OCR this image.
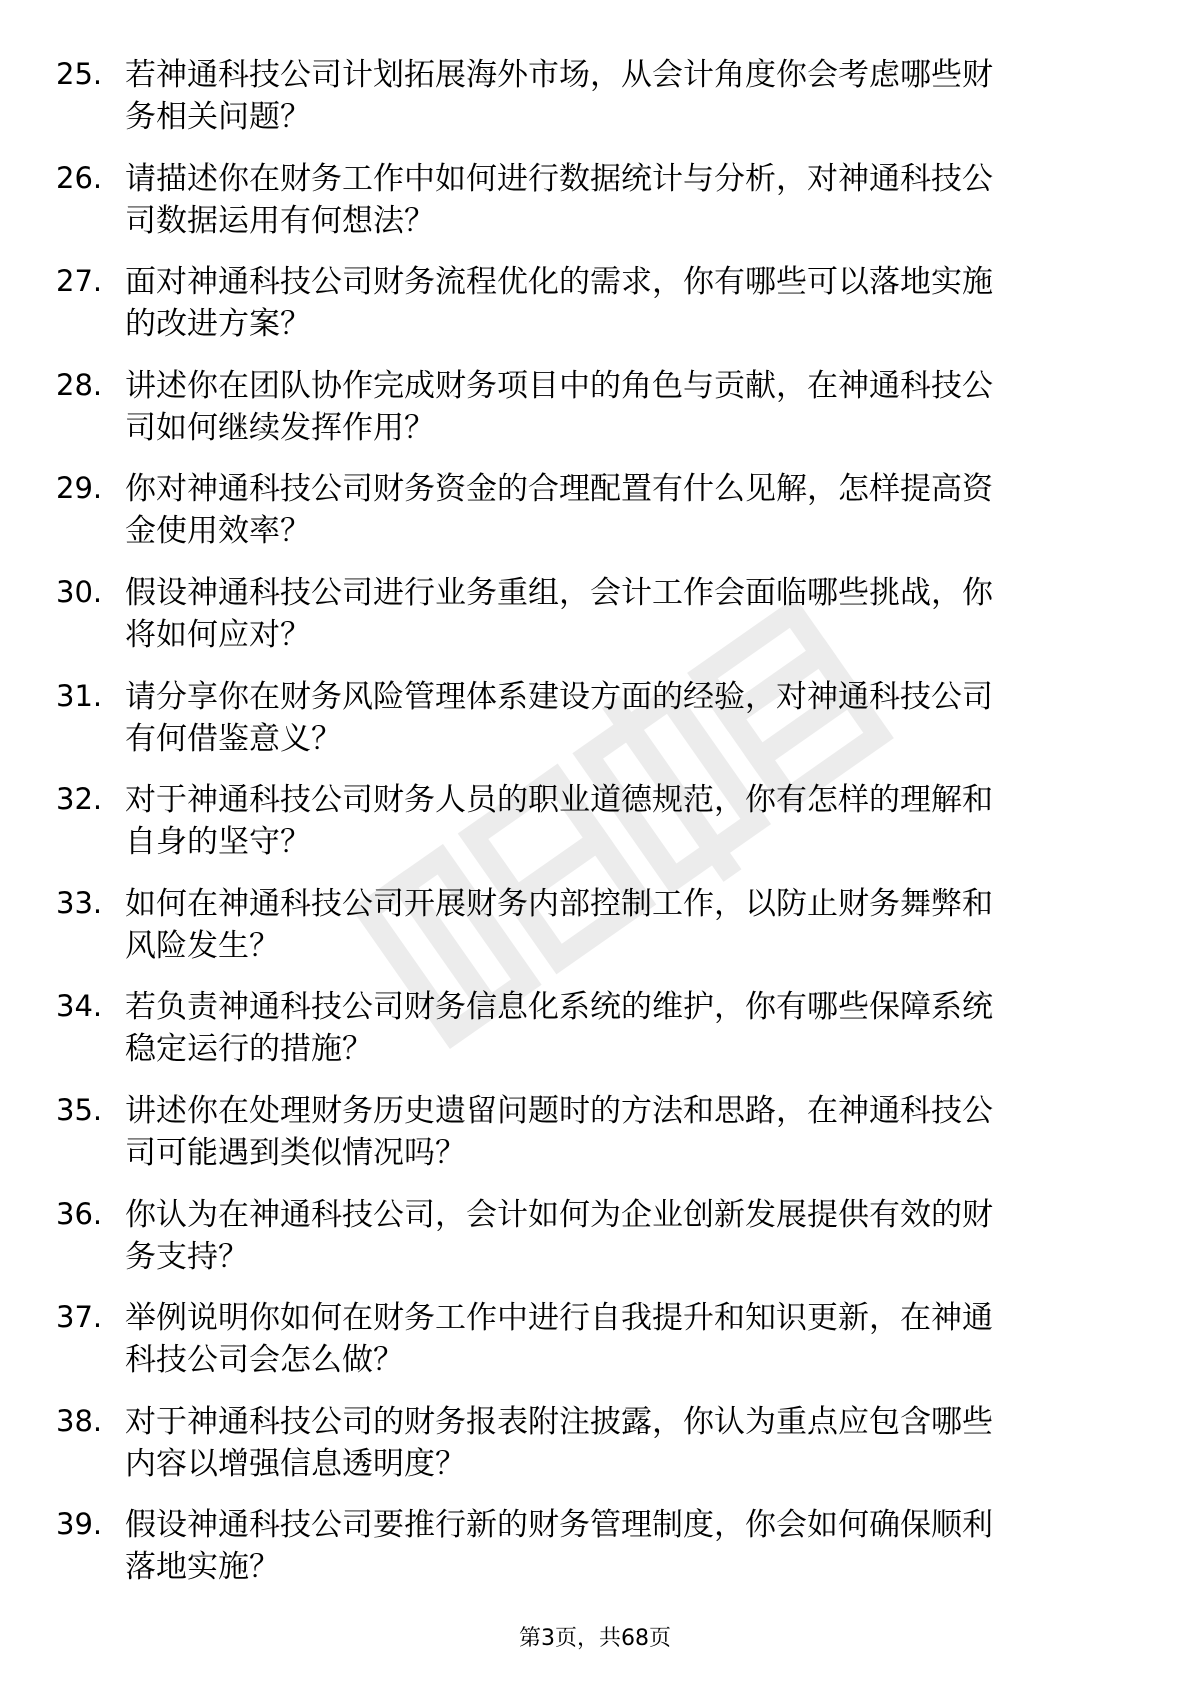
25. 若神通科技公司计划拓展海外市场，从会计角度你会考虑哪些财
务相关问题？
26. 请描述你在财务工作中如何进行数据统计与分析，对神通科技公
司数据运用有何想法？
27. 面对神通科技公司财务流程优化的需求，你有哪些可以落地实施
的改进方案？
28. 讲述你在团队协作完成财务项目中的角色与贡献，在神通科技公
司如何继续发挥作用？
29. 你对神通科技公司财务资金的合理配置有什么见解，怎样提高资
金使用效率？
30. 假设神通科技公司进行业务重组，会计工作会面临哪些挑战，你
将如何应对？
31. 请分享你在财务风险管理体系建设方面的经验，对神通科技公司
有何借鉴意义？
32. 对于神通科技公司财务人员的职业道德规范，你有怎样的理解和
自身的坚守？
33. 如何在神通科技公司开展财务内部控制工作，以防止财务舞弊和
风险发生？
34. 若负责神通科技公司财务信息化系统的维护，你有哪些保障系统
稳定运行的措施？
35. 讲述你在处理财务历史遗留问题时的方法和思路，在神通科技公
司可能遇到类似情况吗？
36. 你认为在神通科技公司，会计如何为企业创新发展提供有效的财
务支持？
37. 举例说明你如何在财务工作中进行自我提升和知识更新，在神通
科技公司会怎么做？
38. 对于神通科技公司的财务报表附注披露，你认为重点应包含哪些
内容以增强信息透明度？
39. 假设神通科技公司要推行新的财务管理制度，你会如何确保顺利
落地实施？
第3页，共68页
